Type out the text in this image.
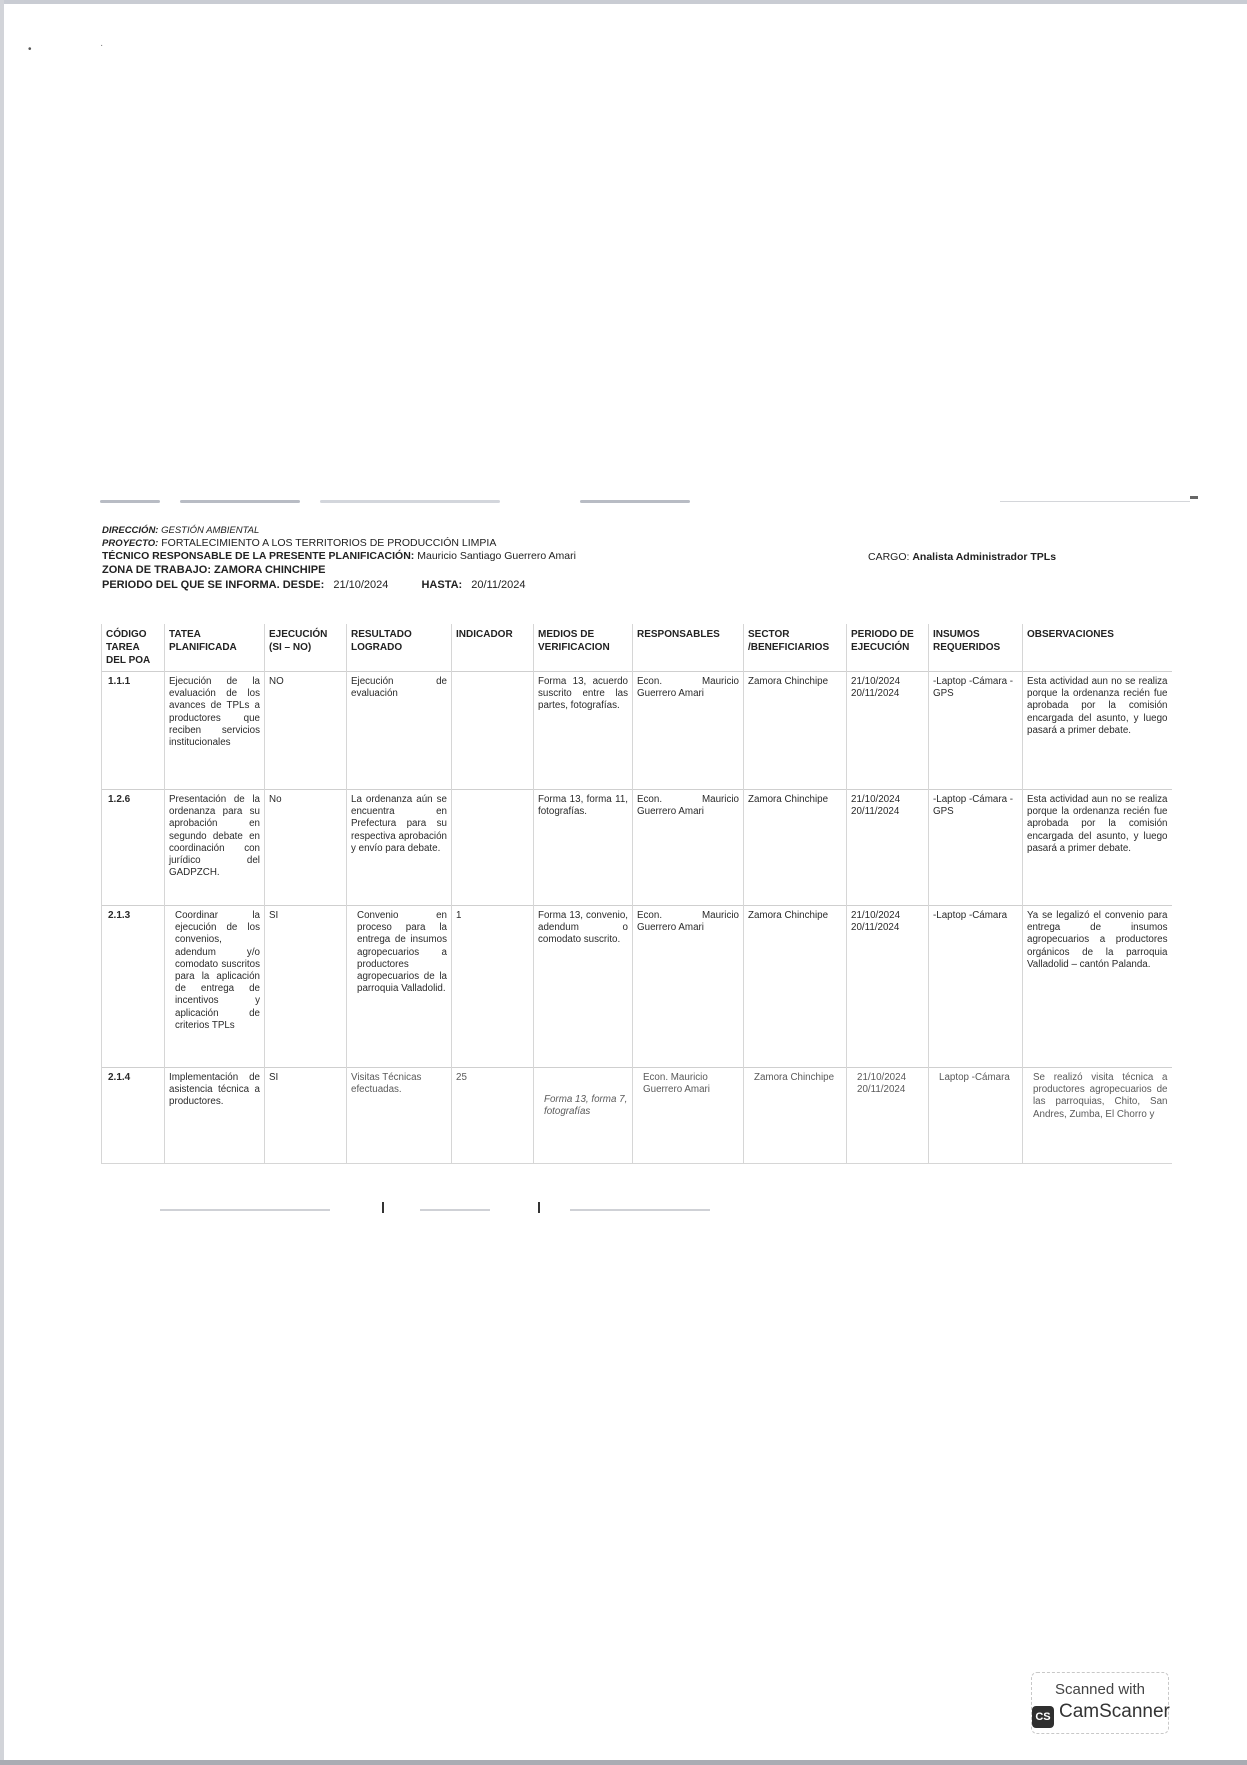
•	·
DIRECCIÓN: GESTIÓN AMBIENTAL
PROYECTO: FORTALECIMIENTO A LOS TERRITORIOS DE PRODUCCIÓN LIMPIA
TÉCNICO RESPONSABLE DE LA PRESENTE PLANIFICACIÓN: Mauricio Santiago Guerrero Amari
ZONA DE TRABAJO: ZAMORA CHINCHIPE
PERIODO DEL QUE SE INFORMA. DESDE: 21/10/2024	HASTA: 20/11/2024
CARGO: Analista Administrador TPLs
CÓDIGO TAREA DEL POA	TATEA PLANIFICADA	EJECUCIÓN (SI – NO)	RESULTADO LOGRADO	INDICADOR	MEDIOS DE VERIFICACION	RESPONSABLES	SECTOR /BENEFICIARIOS	PERIODO DE EJECUCIÓN	INSUMOS REQUERIDOS	OBSERVACIONES
1.1.1	Ejecución de la evaluación de los avances de TPLs a productores que reciben servicios institucionales	NO	Ejecución de evaluación		Forma 13, acuerdo suscrito entre las partes, fotografías.	Econ. Mauricio Guerrero Amari	Zamora Chinchipe	21/10/2024 20/11/2024	-Laptop -Cámara -GPS	Esta actividad aun no se realiza porque la ordenanza recién fue aprobada por la comisión encargada del asunto, y luego pasará a primer debate.
1.2.6	Presentación de la ordenanza para su aprobación en segundo debate en coordinación con jurídico del GADPZCH.	No	La ordenanza aún se encuentra en Prefectura para su respectiva aprobación y envío para debate.		Forma 13, forma 11, fotografías.	Econ. Mauricio Guerrero Amari	Zamora Chinchipe	21/10/2024 20/11/2024	-Laptop -Cámara -GPS	Esta actividad aun no se realiza porque la ordenanza recién fue aprobada por la comisión encargada del asunto, y luego pasará a primer debate.
2.1.3	Coordinar la ejecución de los convenios, adendum y/o comodato suscritos para la aplicación de entrega de incentivos y aplicación de criterios TPLs	SI	Convenio en proceso para la entrega de insumos agropecuarios a productores agropecuarios de la parroquia Valladolid.	1	Forma 13, convenio, adendum o comodato suscrito.	Econ. Mauricio Guerrero Amari	Zamora Chinchipe	21/10/2024 20/11/2024	-Laptop -Cámara	Ya se legalizó el convenio para entrega de insumos agropecuarios a productores orgánicos de la parroquia Valladolid – cantón Palanda.
2.1.4	Implementación de asistencia técnica a productores.	SI	Visitas Técnicas efectuadas.	25	Forma 13, forma 7, fotografías	Econ. Mauricio Guerrero Amari	Zamora Chinchipe	21/10/2024 20/11/2024	Laptop -Cámara	Se realizó visita técnica a productores agropecuarios de las parroquias, Chito, San Andres, Zumba, El Chorro y
Scanned with
CS CamScanner
